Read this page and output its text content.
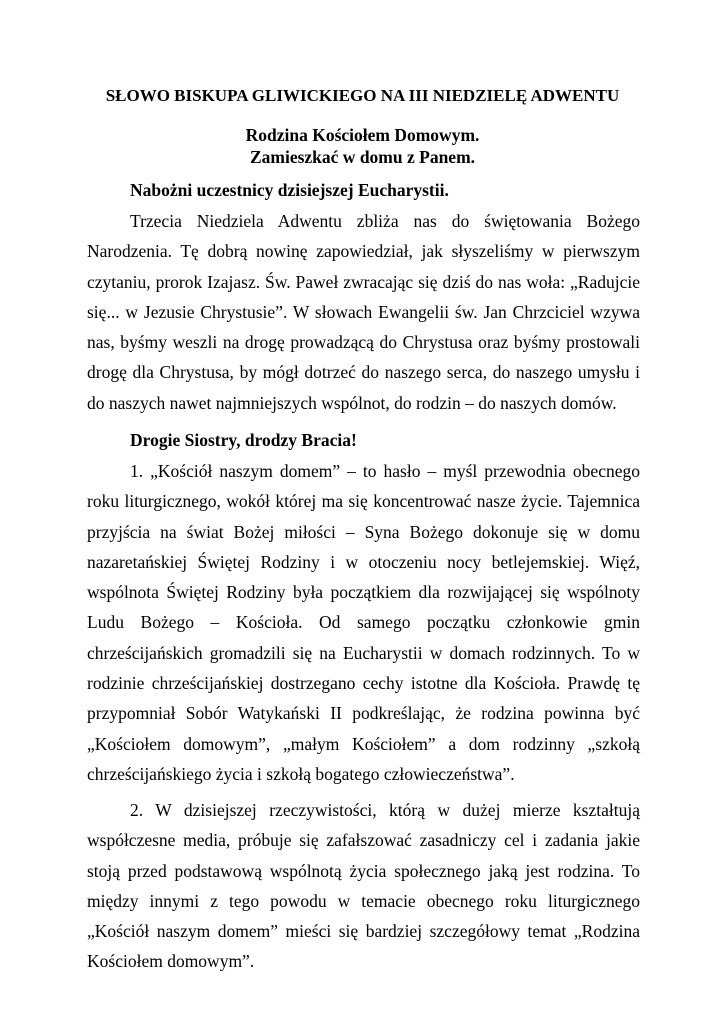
SŁOWO BISKUPA GLIWICKIEGO NA III NIEDZIELĘ ADWENTU
Rodzina Kościołem Domowym.
Zamieszkać w domu z Panem.
Nabożni uczestnicy dzisiejszej Eucharystii.
Trzecia Niedziela Adwentu zbliża nas do świętowania Bożego Narodzenia. Tę dobrą nowinę zapowiedział, jak słyszeliśmy w pierwszym czytaniu, prorok Izajasz. Św. Paweł zwracając się dziś do nas woła: „Radujcie się... w Jezusie Chrystusie”. W słowach Ewangelii św. Jan Chrzciciel wzywa nas, byśmy weszli na drogę prowadzącą do Chrystusa oraz byśmy prostowali drogę dla Chrystusa, by mógł dotrzeć do naszego serca, do naszego umysłu i do naszych nawet najmniejszych wspólnot, do rodzin – do naszych domów.
Drogie Siostry, drodzy Bracia!
1. „Kościół naszym domem” – to hasło – myśl przewodnia obecnego roku liturgicznego, wokół której ma się koncentrować nasze życie. Tajemnica przyjścia na świat Bożej miłości – Syna Bożego dokonuje się w domu nazaretańskiej Świętej Rodziny i w otoczeniu nocy betlejemskiej. Więź, wspólnota Świętej Rodziny była początkiem dla rozwijającej się wspólnoty Ludu Bożego – Kościoła. Od samego początku członkowie gmin chrześcijańskich gromadzili się na Eucharystii w domach rodzinnych. To w rodzinie chrześcijańskiej dostrzegano cechy istotne dla Kościoła. Prawdę tę przypomniał Sobór Watykański II podkreślając, że rodzina powinna być „Kościołem domowym”, „małym Kościołem” a dom rodzinny „szkołą chrześcijańskiego życia i szkołą bogatego człowieczeństwa”.
2. W dzisiejszej rzeczywistości, którą w dużej mierze kształtują współczesne media, próbuje się zafałszować zasadniczy cel i zadania jakie stoją przed podstawową wspólnotą życia społecznego jaką jest rodzina. To między innymi z tego powodu w temacie obecnego roku liturgicznego „Kościół naszym domem” mieści się bardziej szczegółowy temat „Rodzina Kościołem domowym”.
